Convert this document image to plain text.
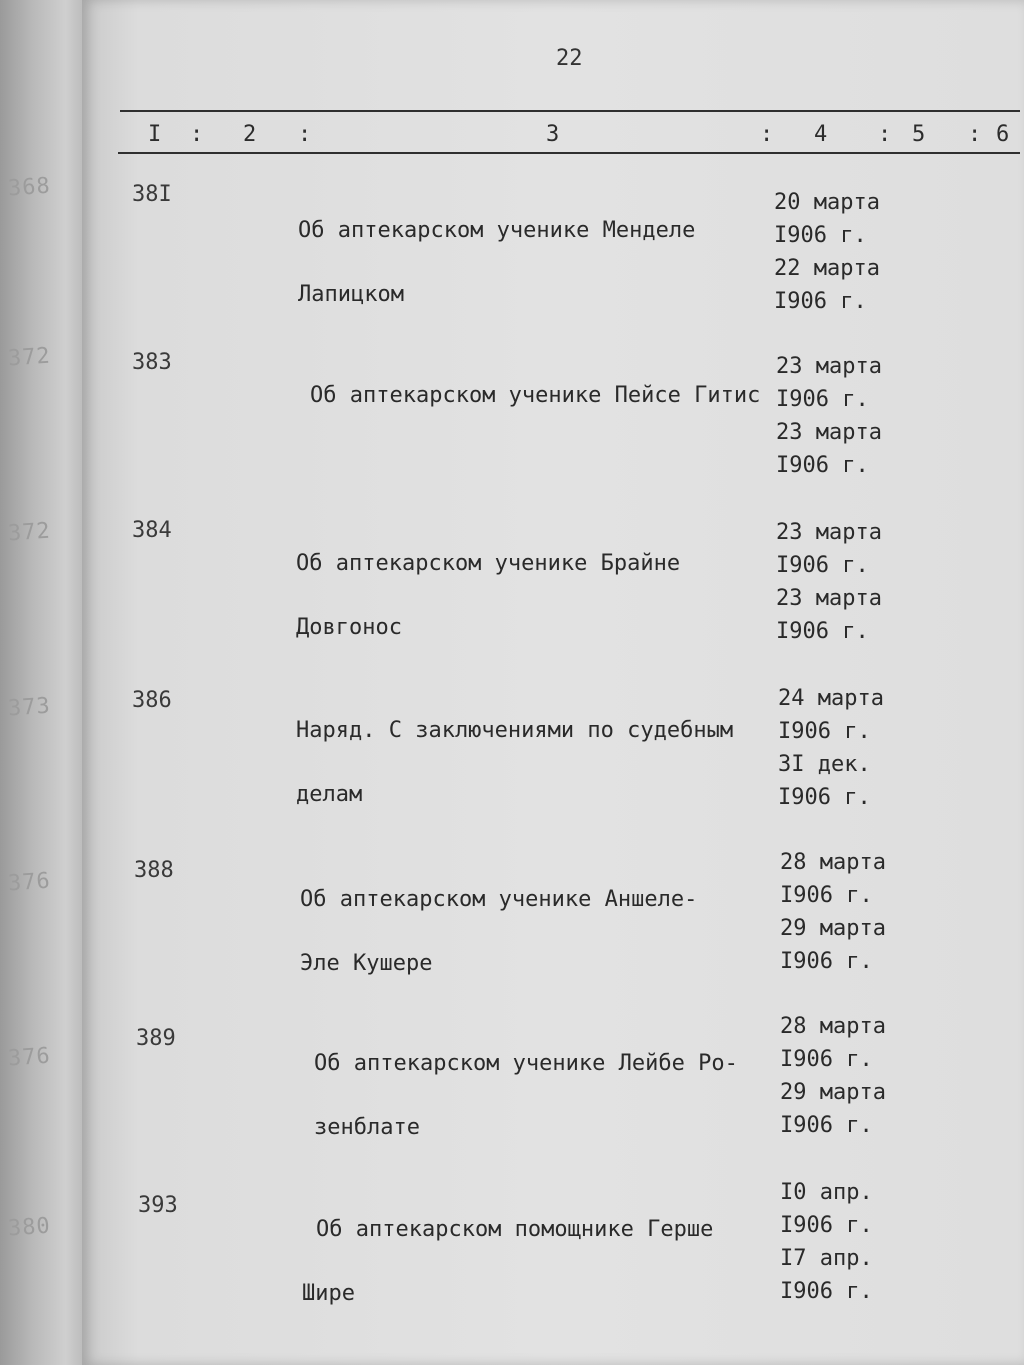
368
372
372
373
376
376
380
22
I : 2 :	3	: 4 : 5 : 6
38I

Об аптекарском ученике Менделе

Лапицком

20 марта
I906 г.
22 марта
I906 г.
383

Об аптекарском ученике Пейсе Гитис

23 марта
I906 г.
23 марта
I906 г.
384

Об аптекарском ученике Брайне

Довгонос

23 марта
I906 г.
23 марта
I906 г.
386

Наряд. С заключениями по судебным

делам

24 марта
I906 г.
3I дек.
I906 г.
388

Об аптекарском ученике Аншеле-

Эле Кушере

28 марта
I906 г.
29 марта
I906 г.
389

Об аптекарском ученике Лейбе Ро-

зенблате

28 марта
I906 г.
29 марта
I906 г.
393

Об аптекарском помощнике Герше

Шире

I0 апр.
I906 г.
I7 апр.
I906 г.
